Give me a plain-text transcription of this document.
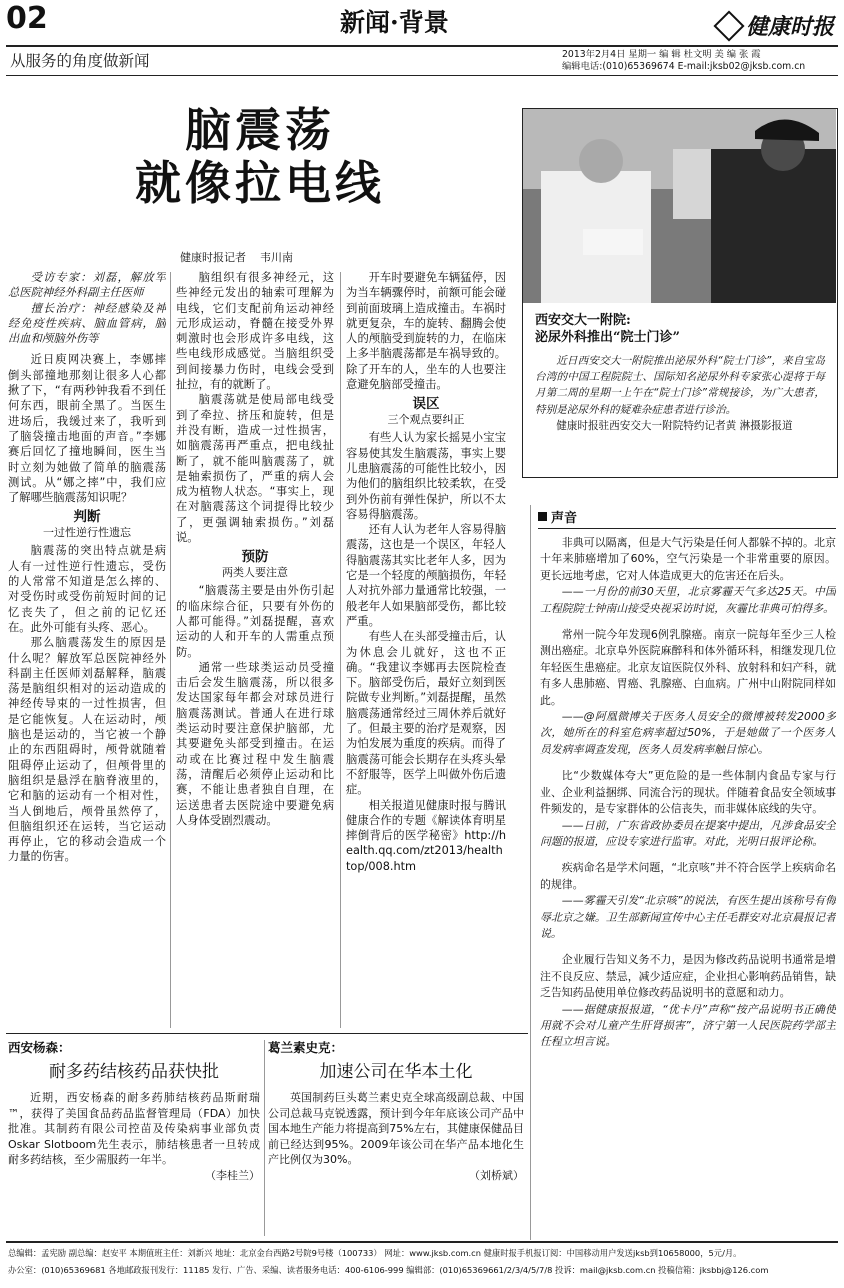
02	新闻·背景	健康时报
从服务的角度做新闻	2013年2月4日 星期一 编 辑 杜文明 美 编 张 霞
编辑电话:(010)65369674 E-mail:jksb02@jksb.com.cn
脑震荡
就像拉电线
健康时报记者    韦川南

受访专家：刘磊，解放军总医院神经外科副主任医师

擅长治疗：神经感染及神经免疫性疾病、脑血管病，脑出血和颅脑外伤等

近日庾网决赛上，李娜摔倒头部撞地那刻让很多人心都揪了下，“有两秒钟我看不到任何东西，眼前全黑了。当医生进场后，我缓过来了，我听到了脑袋撞击地面的声音。”李娜赛后回忆了撞地瞬间，医生当时立刻为她做了简单的脑震荡测试。从“娜之摔”中，我们应了解哪些脑震荡知识呢？

判断
一过性逆行性遗忘

脑震荡的突出特点就是病人有一过性逆行性遗忘，受伤的人常常不知道是怎么摔的、对受伤时或受伤前短时间的记忆丧失了，但之前的记忆还在。此外可能有头疼、恶心。

那么脑震荡发生的原因是什么呢？解放军总医院神经外科副主任医师刘磊解释，脑震荡是脑组织相对的运动造成的神经传导束的一过性损害，但是它能恢复。人在运动时，颅脑也是运动的，当它被一个静止的东西阻碍时，颅骨就随着阻碍停止运动了，但颅骨里的脑组织是悬浮在脑脊液里的，它和脑的运动有一个相对性，当人倒地后，颅骨虽然停了，但脑组织还在运转，当它运动再停止，它的移动会造成一个力量的伤害。

脑组织有很多神经元，这些神经元发出的轴索可理解为电线，它们支配前角运动神经元形成运动，脊髓在接受外界刺激时也会形成许多电线，这些电线形成感觉。当脑组织受到间接暴力伤时，电线会受到扯拉，有的就断了。

脑震荡就是使局部电线受到了牵拉、挤压和旋转，但是并没有断，造成一过性损害，如脑震荡再严重点，把电线扯断了，就不能叫脑震荡了，就是轴索损伤了，严重的病人会成为植物人状态。“事实上，现在对脑震荡这个词提得比较少了，更强调轴索损伤。”刘磊说。

预防
两类人要注意

“脑震荡主要是由外伤引起的临床综合征，只要有外伤的人都可能得。”刘磊提醒，喜欢运动的人和开车的人需重点预防。

通常一些球类运动员受撞击后会发生脑震荡，所以很多发达国家每年都会对球员进行脑震荡测试。普通人在进行球类运动时要注意保护脑部，尤其要避免头部受到撞击。在运动或在比赛过程中发生脑震荡，清醒后必须停止运动和比赛，不能让患者独自自理，在运送患者去医院途中要避免病人身体受剧烈震动。

开车时要避免车辆猛停，因为当车辆骤停时，前额可能会碰到前面玻璃上造成撞击。车祸时就更复杂，车的旋转、翻腾会使人的颅脑受到旋转的力，在临床上多半脑震荡都是车祸导致的。除了开车的人，坐车的人也要注意避免脑部受撞击。

误区
三个观点要纠正

有些人认为家长摇晃小宝宝容易使其发生脑震荡，事实上婴儿患脑震荡的可能性比较小，因为他们的脑组织比较柔软，在受到外伤前有弹性保护，所以不太容易得脑震荡。

还有人认为老年人容易得脑震荡，这也是一个误区，年轻人得脑震荡其实比老年人多，因为它是一个轻度的颅脑损伤，年轻人对抗外部力量通常比较强，一般老年人如果脑部受伤，都比较严重。

有些人在头部受撞击后，认为休息会儿就好，这也不正确。“我建议李娜再去医院检查下。脑部受伤后，最好立刻到医院做专业判断。”刘磊提醒，虽然脑震荡通常经过三周休养后就好了。但最主要的治疗是观察，因为怕发展为重度的疾病。而得了脑震荡可能会长期存在头疼头晕不舒服等，医学上叫做外伤后遗症。

相关报道见健康时报与腾讯健康合作的专题《解读体育明星摔倒背后的医学秘密》http://health.qq.com/zt2013/healthtop/008.htm

西安交大一附院:
泌尿外科推出“院士门诊”

近日西安交大一附院推出泌尿外科“院士门诊”，来自宝岛台湾的中国工程院院士、国际知名泌尿外科专家张心湜将于每月第二周的星期一上午在“院士门诊”常规接诊，为广大患者，特别是泌尿外科的疑难杂症患者进行诊治。

健康时报驻西安交大一附院特约记者黄 淋摄影报道

声音

非典可以隔离，但是大气污染是任何人都躲不掉的。北京十年来肺癌增加了60%，空气污染是一个非常重要的原因。更长远地考虑，它对人体造成更大的危害还在后头。

——一月份的前30天里，北京雾霾天气多达25天。中国工程院院士钟南山接受央视采访时说，灰霾比非典可怕得多。

常州一院今年发现6例乳腺癌。南京一院每年至少三人检测出癌症。北京阜外医院麻醉科和体外循环科，相继发现几位年轻医生患癌症。北京友谊医院仅外科、放射科和妇产科，就有多人患肺癌、胃癌、乳腺癌、白血病。广州中山附院同样如此。

——@阿凰微博关于医务人员安全的微博被转发2000多次，她所在的科室危病率超过50%，于是她做了一个医务人员发病率调查发现，医务人员发病率触目惊心。

比“少数媒体夸大”更危险的是一些体制内食品专家与行业、企业利益捆绑、同流合污的现状。伴随着食品安全领域事件频发的，是专家群体的公信丧失，而非媒体底线的失守。

——日前，广东省政协委员在提案中提出，凡涉食品安全问题的报道，应设专家进行监审。对此，光明日报评论称。

疾病命名是学术问题，“北京咳”并不符合医学上疾病命名的规律。

——雾霾天引发“北京咳”的说法，有医生提出该称号有侮辱北京之嫌。卫生部新闻宣传中心主任毛群安对北京晨报记者说。

企业履行告知义务不力，是因为修改药品说明书通常是增注不良反应、禁忌，减少适应症，企业担心影响药品销售，缺乏告知药品使用单位修改药品说明书的意愿和动力。

——据健康报报道，“优卡丹”声称“按产品说明书正确使用就不会对儿童产生肝肾损害”，济宁第一人民医院药学部主任程立坦言说。

西安杨森：
耐多药结核药品获快批

近期，西安杨森的耐多药肺结核药品斯耐瑞™，获得了美国食品药品监督管理局（FDA）加快批准。其制药有限公司控苗及传染病事业部负责Oskar Slotboom先生表示，肺结核患者一旦转成耐多药结核，至少需服药一年半。

（李桂兰）

葛兰素史克：
加速公司在华本土化

英国制药巨头葛兰素史克全球高级副总裁、中国公司总裁马克锐透露，预计到今年年底该公司产品中国本地生产能力将提高到75%左右，其健康保健品目前已经达到95%。2009年该公司在华产品本地化生产比例仅为30%。

（刘桥斌）

总编辑：孟宪励 副总编：赵安平 本期值班主任：刘新兴 地址：北京金台西路2号院9号楼（100733） 网址：www.jksb.com.cn 健康时报手机报订阅：中国移动用户发送jksb到10658000，5元/月。
办公室：(010)65369681 各地邮政报刊发行：11185 发行、广告、采编、读者服务电话：400-6106-999 编辑部：(010)65369661/2/3/4/5/7/8 投诉：mail@jksb.com.cn 投稿信箱：jksbbj@126.com
